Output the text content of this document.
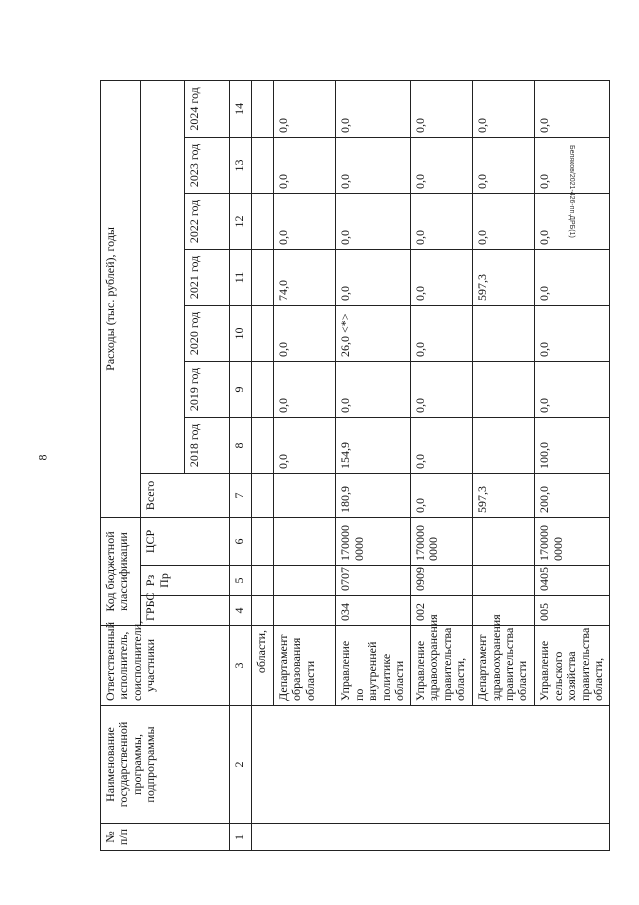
8
Беляков/2021-426-пп.ДРБ(1)
№ п/п	Наименование государственной программы, подпрограммы	Ответственный исполнитель, соисполнители, участники	Код бюджетной классификации			Расходы (тыс. рублей), годы							
			ГРБС	Рз Пр	ЦСР	Всего							
							2018 год	2019 год	2020 год	2021 год	2022 год	2023 год	2024 год
1	2	3	4	5	6	7	8	9	10	11	12	13	14
		области,											
		Департамент образования области					0,0	0,0	0,0	74,0	0,0	0,0	0,0
		Управление по внутренней политике области	034	0707	170000 0000	180,9	154,9	0,0	26,0 <*>	0,0	0,0	0,0	0,0
		Управление здравоохранения правительства области,	002	0909	170000 0000	0,0	0,0	0,0	0,0	0,0	0,0	0,0	0,0
		Департамент здравоохранения правительства области				597,3				597,3	0,0	0,0	0,0
		Управление сельского хозяйства правительства области,	005	0405	170000 0000	200,0	100,0	0,0	0,0	0,0	0,0	0,0	0,0
